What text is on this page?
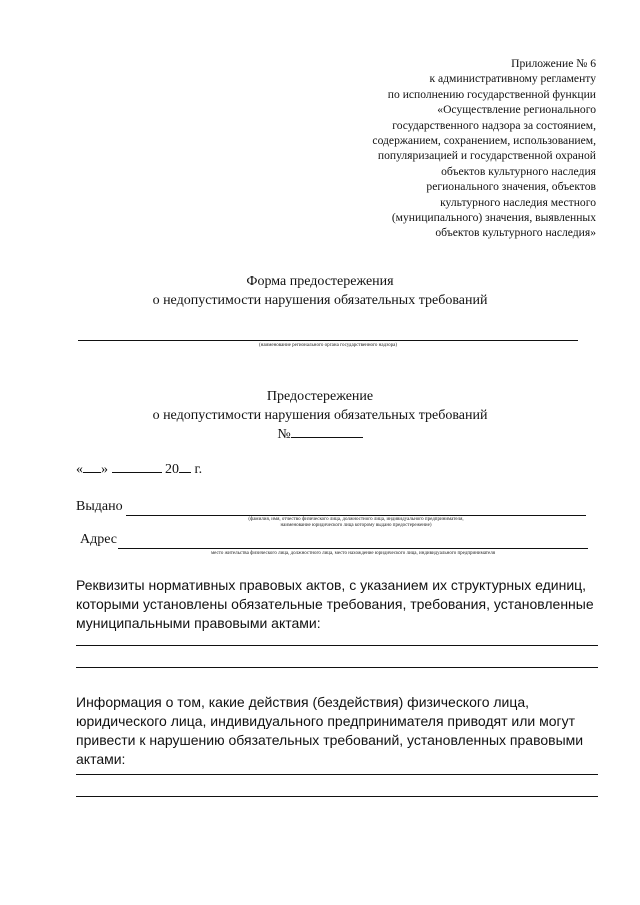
Приложение № 6
к административному регламенту
по исполнению государственной функции
«Осуществление регионального
государственного надзора за состоянием,
содержанием, сохранением, использованием,
популяризацией и государственной охраной
объектов культурного наследия
регионального значения, объектов
культурного наследия местного
(муниципального) значения, выявленных
объектов культурного наследия»
Форма предостережения
о недопустимости нарушения обязательных требований
(наименование регионального органа государственного надзора)
Предостережение
о недопустимости нарушения обязательных требований
№
« »	20 г.
Выдано
(фамилия, имя, отчество физического лица, должностного лица, индивидуального предпринимателя,
наименование юридического лица которому выдано предостережение)
Адрес
место жительства физического лица, должностного лица, место нахождение юридического лица, индивидуального предпринимателя
Реквизиты нормативных правовых актов, с указанием их структурных единиц, которыми установлены обязательные требования, требования, установленные муниципальными правовыми актами:
Информация о том, какие действия (бездействия) физического лица, юридического лица, индивидуального предпринимателя приводят или могут привести к нарушению обязательных требований, установленных правовыми актами:
